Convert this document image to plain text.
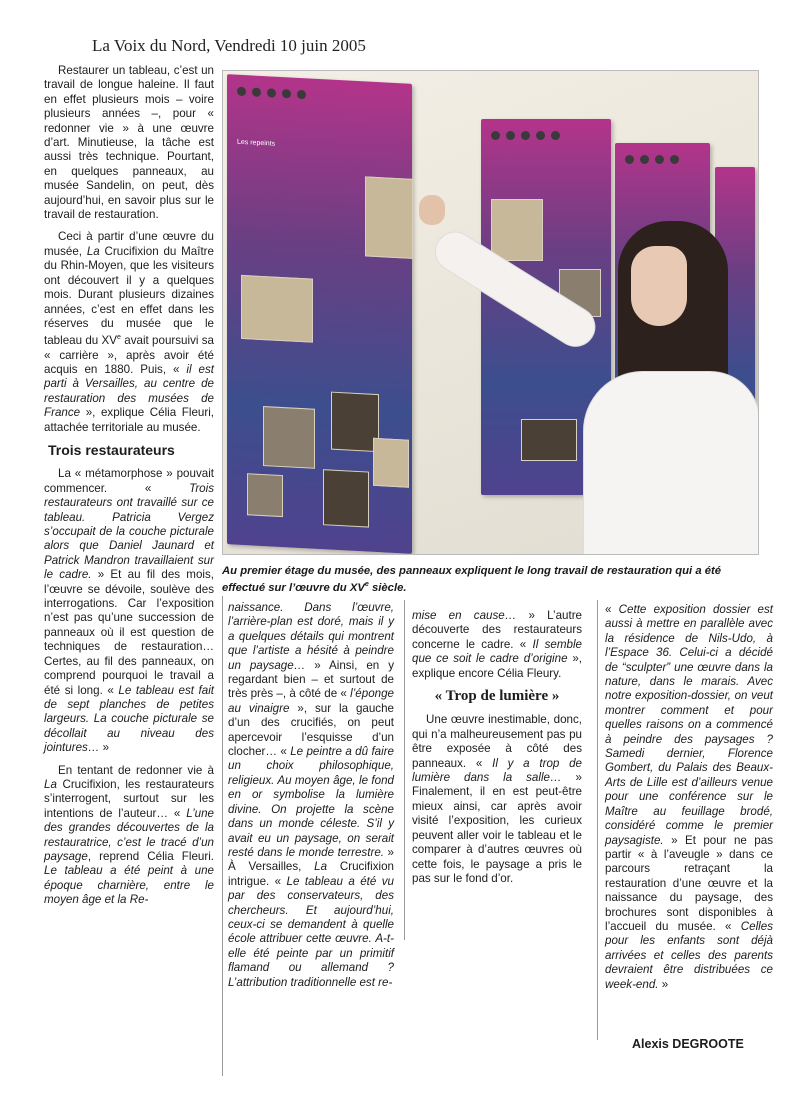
La Voix du Nord, Vendredi 10 juin 2005

Restaurer un tableau, c’est un travail de longue haleine. Il faut en effet plusieurs mois – voire plusieurs années –, pour « redonner vie » à une œuvre d’art. Minutieuse, la tâche est aussi très technique. Pourtant, en quelques panneaux, au musée Sandelin, on peut, dès aujourd’hui, en savoir plus sur le travail de restauration.

Ceci à partir d’une œuvre du musée, La Crucifixion du Maître du Rhin-Moyen, que les visiteurs ont découvert il y a quelques mois. Durant plusieurs dizaines années, c’est en effet dans les réserves du musée que le tableau du XVe avait poursuivi sa « carrière », après avoir été acquis en 1880. Puis, « il est parti à Versailles, au centre de restauration des musées de France », explique Célia Fleuri, attachée territoriale au musée.

Trois restaurateurs

La « métamorphose » pouvait commencer. « Trois restaurateurs ont travaillé sur ce tableau. Patricia Vergez s’occupait de la couche picturale alors que Daniel Jaunard et Patrick Mandron travaillaient sur le cadre. » Et au fil des mois, l’œuvre se dévoile, soulève des interrogations. Car l’exposition n’est pas qu’une succession de panneaux où il est question de techniques de restauration… Certes, au fil des panneaux, on comprend pourquoi le travail a été si long. « Le tableau est fait de sept planches de petites largeurs. La couche picturale se décollait au niveau des jointures… »

En tentant de redonner vie à La Crucifixion, les restaurateurs s’interrogent, surtout sur les intentions de l’auteur… « L’une des grandes découvertes de la restauratrice, c’est le tracé d’un paysage, reprend Célia Fleuri. Le tableau a été peint à une époque charnière, entre le moyen âge et la Re-

Les repeints
Au premier étage du musée, des panneaux expliquent le long travail de restauration qui a été effectué sur l’œuvre du XVe siècle.

naissance. Dans l’œuvre, l’arrière-plan est doré, mais il y a quelques détails qui montrent que l’artiste a hésité à peindre un paysage… » Ainsi, en y regardant bien – et surtout de très près –, à côté de « l’éponge au vinaigre », sur la gauche d’un des crucifiés, on peut apercevoir l’esquisse d’un clocher… « Le peintre a dû faire un choix philosophique, religieux. Au moyen âge, le fond en or symbolise la lumière divine. On projette la scène dans un monde céleste. S’il y avait eu un paysage, on serait resté dans le monde terrestre. » À Versailles, La Crucifixion intrigue. « Le tableau a été vu par des conservateurs, des chercheurs. Et aujourd’hui, ceux-ci se demandent à quelle école attribuer cette œuvre. A-t-elle été peinte par un primitif flamand ou allemand ? L’attribution traditionnelle est re-

mise en cause… » L’autre découverte des restaurateurs concerne le cadre. « Il semble que ce soit le cadre d’origine », explique encore Célia Fleury.

« Trop de lumière »

Une œuvre inestimable, donc, qui n’a malheureusement pas pu être exposée à côté des panneaux. « Il y a trop de lumière dans la salle… » Finalement, il en est peut-être mieux ainsi, car après avoir visité l’exposition, les curieux peuvent aller voir le tableau et le comparer à d’autres œuvres où cette fois, le paysage a pris le pas sur le fond d’or.

« Cette exposition dossier est aussi à mettre en parallèle avec la résidence de Nils-Udo, à l’Espace 36. Celui-ci a décidé de “sculpter” une œuvre dans la nature, dans le marais. Avec notre exposition-dossier, on veut montrer comment et pour quelles raisons on a commencé à peindre des paysages ? Samedi dernier, Florence Gombert, du Palais des Beaux-Arts de Lille est d’ailleurs venue pour une conférence sur le Maître au feuillage brodé, considéré comme le premier paysagiste. » Et pour ne pas partir « à l’aveugle » dans ce parcours retraçant la restauration d’une œuvre et la naissance du paysage, des brochures sont disponibles à l’accueil du musée. « Celles pour les enfants sont déjà arrivées et celles des parents devraient être distribuées ce week-end. »

Alexis DEGROOTE
